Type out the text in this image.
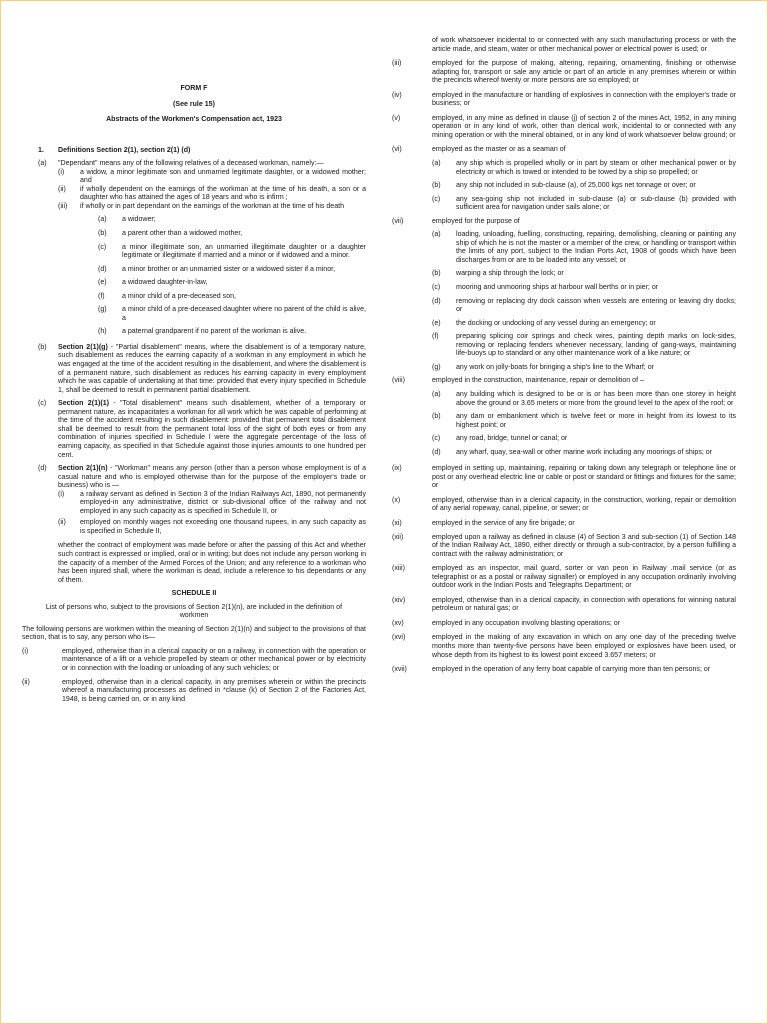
FORM F
(See rule 15)
Abstracts of the Workmen's Compensation act, 1923
1. Definitions Section 2(1), section 2(1) (d)
(a) "Dependant" means any of the following relatives of a deceased workman, namely:—
(i) a widow, a minor legitimate son and unmarried legitimate daughter, or a widowed mother; and
(ii) if wholly dependent on the earnings of the workman at the time of his death, a son or a daughter who has attained the ages of 18 years and who is infirm ;
(iii) if wholly or in part dependant on the earnings of the workman at the time of his death
(a) a widower;
(b) a parent other than a widowed mother,
(c) a minor illegitimate son, an unmarried illegitimate daughter or a daughter legitimate or illegitimate if married and a minor or if widowed and a minor.
(d) a minor brother or an unmarried sister or a widowed sister if a minor,
(e) a widowed daughter-in-law,
(f) a minor child of a pre-deceased son,
(g) a minor child of a pre-deceased daughter where no parent of the child is alive, a
(h) a paternal grandparent if no parent of the workman is alive.
(b) Section 2(1)(g) - "Partial disablement" means, where the disablement is of a temporary nature, such disablement as reduces the earning capacity of a workman in any employment in which he was engaged at the time of the accident resulting in the disablement, and where the disablement is of a permanent nature, such disablement as reduces his earning capacity in every employment which he was capable of undertaking at that time: provided that every injury specified in Schedule 1, shall be deemed to result in permanent partial disablement.
(c) Section 2(1)(1) - "Total disablement" means such disablement, whether of a temporary or permanent nature, as incapacitates a workman for all work which he was capable of performing at the time of the accident resulting in such disablement: provided that permanent total disablement shall be deemed to result from the permanent total loss of the sight of both eyes or from any combination of injuries specified in Schedule I were the aggregate percentage of the loss of earning capacity, as specified in that Schedule against those injuries amounts to one hundred per cent.
(d) Section 2(1)(n) - "Workman" means any person (other than a person whose employment is of a casual nature and who is employed otherwise than for the purpose of the employer's trade or business) who is —
(i) a railway servant as defined in Section 3 of the Indian Railways Act, 1890, not permanently employed-in any administrative, district or sub-divisional office of the railway and not employed in any such capacity as is specified in Schedule II, or
(ii) employed on monthly wages not exceeding one thousand rupees, in any such capacity as is specified in Schedule II,
whether the contract of employment was made before or after the passing of this Act and whether such contract is expressed or implied, oral or in writing; but does not include any person working in the capacity of a member of the Armed Forces of the Union; and any reference to a workman who has been injured shall, where the workman is dead, include a reference to his dependants or any of them.
SCHEDULE II
List of persons who, subject to the provisions of Section 2(1)(n), are included in the definition of workmen
The following persons are workmen within the meaning of Section 2(1)(n) and subject to the provisions of that section, that is to say, any person who is—
(i)	employed, otherwise than in a clerical capacity or on a railway, in connection with the operation or maintenance of a lift or a vehicle propelled by steam or other mechanical power or by electricity or in connection with the loading or unloading of any such vehicles; or
(ii)	employed, otherwise than in a clerical capacity, in any premises wherein or within the precincts whereof a manufacturing processes as defined in *clause (k) of Section 2 of the Factories Act, 1948, is being carried on, or in any kind
of work whatsoever incidental to or connected with any such manufacturing process or with the article made, and steam, water or other mechanical power or electrical power is used; or
(iii)	employed for the purpose of making, altering, repairing, ornamenting, finishing or otherwise adapting for, transport or sale any article or part of an article in any premises wherein or within the precincts whereof twenty or more persons are so employed; or
(iv)	employed in the manufacture or handling of explosives in connection with the employer's trade or business; or
(v)	employed, in any mine as defined in clause (j) of section 2 of the mines Act, 1952, in any mining operation or in any kind of work, other than clerical work, incidental to or connected with any mining operation or with the mineral obtained, or in any kind of work whatsoever below ground; or
(vi)	employed as the master or as a seaman of
(a) any ship which is propelled wholly or in part by steam or other mechanical power or by electricity or which is towed or intended to be towed by a ship so propelled; or
(b) any ship not included in sub-clause (a), of 25,000 kgs net tonnage or over; or
(c) any sea-going ship not included in sub-clause (a) or sub-clause (b) provided with sufficient area for navigation under sails alone; or
(vii)	employed for the purpose of
(a) loading, unloading, fuelling, constructing, repairing, demolishing, cleaning or painting any ship of which he is not the master or a member of the crew, or handling or transport within the limits of any port, subject to the Indian Ports Act, 1908 of goods which have been discharges from or are to be loaded into any vessel; or
(b) warping a ship through the lock; or
(c) mooring and unmooring ships at harbour wall berths or in pier; or
(d) removing or replacing dry dock caisson when vessels are entering or leaving dry docks; or
(e) the docking or undocking of any vessel during an emergency; or
(f) preparing splicing coir springs and check wires, painting depth marks on lock-sides, removing or replacing fenders whenever necessary, landing of gang-ways, maintaining life-buoys up to standard or any other maintenance work of a like nature; or
(g) any work on jolly-boats for bringing a ship's line to the Wharf; or
(viii)	employed in the construction, maintenance, repair or demolition of –
(a) any building which is designed to be or is or has been more than one storey in height above the ground or 3.65 meters or more from the ground level to the apex of the roof; or
(b) any dam or embankment which is twelve feet or more in height from its lowest to its highest point; or
(c) any road, bridge, tunnel or canal; or
(d) any wharf, quay, sea-wall or other marine work including any moorings of ships; or
(ix)	employed in setting up, maintaining, repairing or taking down any telegraph or telephone line or post or any overhead electric line or cable or post or standard or fittings and fixtures for the same; or
(x)	employed, otherwise than in a clerical capacity, in the construction, working, repair or demolition of any aerial ropeway, canal, pipeline, or sewer; or
(xi)	employed in the service of any fire brigade; or
(xii)	employed upon a railway as defined in clause (4) of Section 3 and sub-section (1) of Section 148 of the Indian Railway Act, 1890, either directly or through a sub-contractor, by a person fulfilling a contract with the railway administration; or
(xiii)	employed as an inspector, mail guard, sorter or van peon in Railway .mail service (or as telegraphist or as a postal or railway signaller) or employed in any occupation ordinarily involving outdoor work in the Indian Posts and Telegraphs Department; or
(xiv)	employed, otherwise than in a clerical capacity, in connection with operations for winning natural petroleum or natural gas; or
(xv)	employed in any occupation involving blasting operations; or
(xvi)	employed in the making of any excavation in which on any one day of the preceding twelve months more than twenty-five persons have been employed or explosives have been used, or whose depth from its highest to its lowest point exceed 3.657 meters; or
(xvii)	employed in the operation of any ferry boat capable of carrying more than ten persons; or
